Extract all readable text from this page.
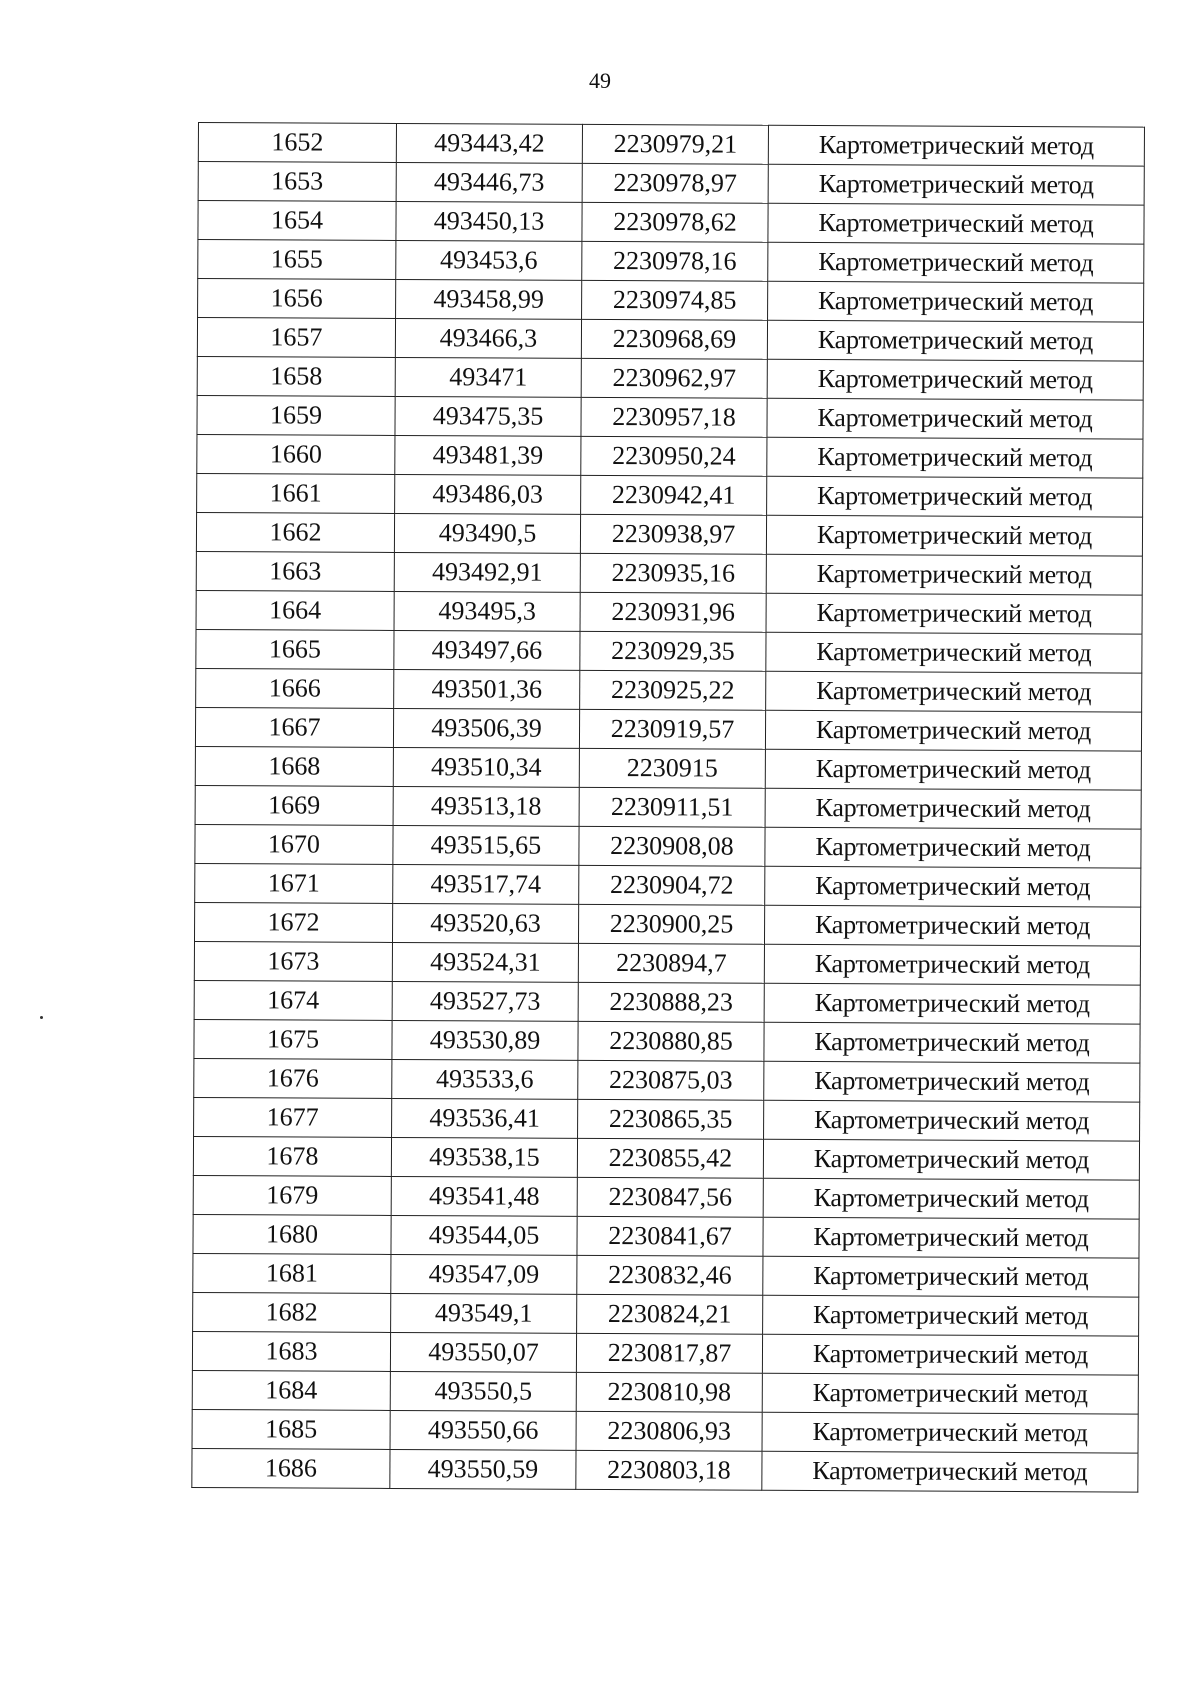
49
1652	493443,42	2230979,21	Картометрический метод
1653	493446,73	2230978,97	Картометрический метод
1654	493450,13	2230978,62	Картометрический метод
1655	493453,6	2230978,16	Картометрический метод
1656	493458,99	2230974,85	Картометрический метод
1657	493466,3	2230968,69	Картометрический метод
1658	493471	2230962,97	Картометрический метод
1659	493475,35	2230957,18	Картометрический метод
1660	493481,39	2230950,24	Картометрический метод
1661	493486,03	2230942,41	Картометрический метод
1662	493490,5	2230938,97	Картометрический метод
1663	493492,91	2230935,16	Картометрический метод
1664	493495,3	2230931,96	Картометрический метод
1665	493497,66	2230929,35	Картометрический метод
1666	493501,36	2230925,22	Картометрический метод
1667	493506,39	2230919,57	Картометрический метод
1668	493510,34	2230915	Картометрический метод
1669	493513,18	2230911,51	Картометрический метод
1670	493515,65	2230908,08	Картометрический метод
1671	493517,74	2230904,72	Картометрический метод
1672	493520,63	2230900,25	Картометрический метод
1673	493524,31	2230894,7	Картометрический метод
1674	493527,73	2230888,23	Картометрический метод
1675	493530,89	2230880,85	Картометрический метод
1676	493533,6	2230875,03	Картометрический метод
1677	493536,41	2230865,35	Картометрический метод
1678	493538,15	2230855,42	Картометрический метод
1679	493541,48	2230847,56	Картометрический метод
1680	493544,05	2230841,67	Картометрический метод
1681	493547,09	2230832,46	Картометрический метод
1682	493549,1	2230824,21	Картометрический метод
1683	493550,07	2230817,87	Картометрический метод
1684	493550,5	2230810,98	Картометрический метод
1685	493550,66	2230806,93	Картометрический метод
1686	493550,59	2230803,18	Картометрический метод
